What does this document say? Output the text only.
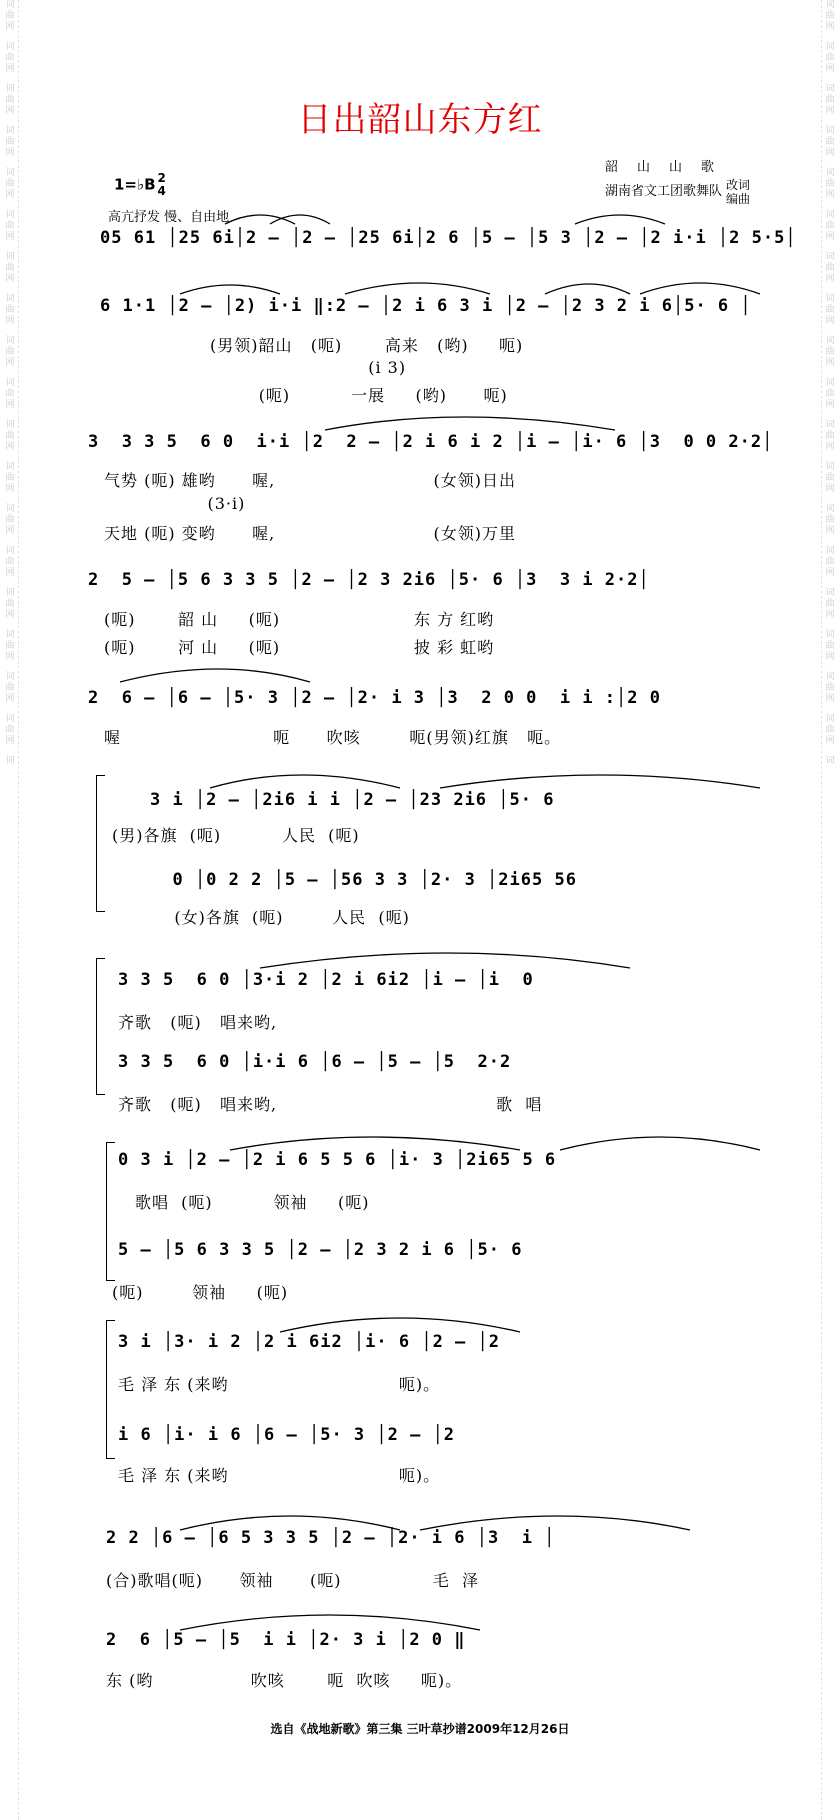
词
曲
网
词
曲
网
词
曲
网
词
曲
网
词
曲
网
词
曲
网
词
曲
网
词
曲
网
词
曲
网
词
曲
网
词
曲
网
词
曲
网
词
曲
网
词
曲
网
词
曲
网
词
曲
网
词
曲
网
词
曲
网
词
词
曲
网
词
曲
网
词
曲
网
词
曲
网
词
曲
网
词
曲
网
词
曲
网
词
曲
网
词
曲
网
词
曲
网
词
曲
网
词
曲
网
词
曲
网
词
曲
网
词
曲
网
词
曲
网
词
曲
网
词
曲
网
词
日出韶山东方红
1=♭B 2
4
高亢抒发 慢、自由地
韶山山歌
湖南省文工团歌舞队 改词
编曲
05 61 │25 6i│2 – │2 – │25 6i│2 6 │5 – │5 3 │2 – │2 i·i │2 5·5│
6 1·1 │2 – │2) i·i ‖:2 – │2 i 6 3 i │2 – │2 3 2 i 6│5· 6 │
(男领)韶山   (呃)       高来   (哟)     呃)
(i 3)
(呃)          一展     (哟)      呃)
3  3 3 5  6 0  i·i │2  2 – │2 i 6 i 2 │i – │i· 6 │3  0 0 2·2│
气势 (呃) 雄哟      喔,                          (女领)日出
(3·i)
天地 (呃) 变哟      喔,                          (女领)万里
2  5 – │5 6 3 3 5 │2 – │2 3 2i6 │5· 6 │3  3 i 2·2│
(呃)       韶 山     (呃)                      东 方 红哟
(呃)       河 山     (呃)                      披 彩 虹哟
2  6 – │6 – │5· 3 │2 – │2· i 3 │3  2 0 0  i i :│2 0
喔                         呃      吹咳        呃(男领)红旗   呃。
3 i │2 – │2i6 i i │2 – │23 2i6 │5· 6
(男)各旗  (呃)          人民  (呃)
0 │0 2 2 │5 – │56 3 3 │2· 3 │2i65 56
(女)各旗  (呃)        人民  (呃)
3 3 5  6 0 │3·i 2 │2 i 6i2 │i – │i  0
齐歌   (呃)   唱来哟,
3 3 5  6 0 │i·i 6 │6 – │5 – │5  2·2
齐歌   (呃)   唱来哟,                                    歌  唱
0 3 i │2 – │2 i 6 5 5 6 │i· 3 │2i65 5 6
歌唱  (呃)          领袖     (呃)
5 – │5 6 3 3 5 │2 – │2 3 2 i 6 │5· 6
(呃)        领袖     (呃)
3 i │3· i 2 │2 i 6i2 │i· 6 │2 – │2
毛 泽 东 (来哟                            呃)。
i 6 │i· i 6 │6 – │5· 3 │2 – │2
毛 泽 东 (来哟                            呃)。
2 2 │6 – │6 5 3 3 5 │2 – │2· i 6 │3  i │
(合)歌唱(呃)      领袖      (呃)               毛  泽
2  6 │5 – │5  i i │2· 3 i │2 0 ‖
东 (哟                吹咳       呃  吹咳     呃)。
选自《战地新歌》第三集 三叶草抄谱2009年12月26日
